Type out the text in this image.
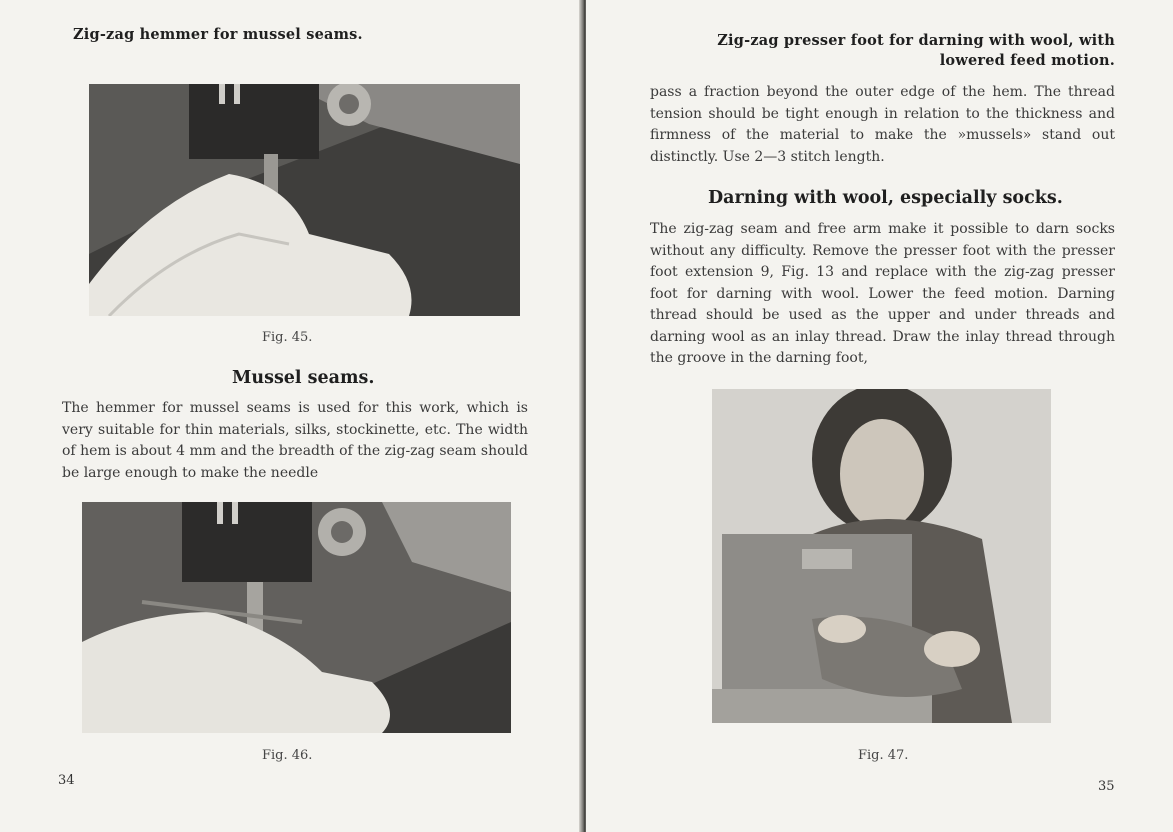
Zig-zag hemmer for mussel seams.
Fig. 45.
Mussel seams.
The hemmer for mussel seams is used for this work, which is very suitable for thin materials, silks, stockinette, etc. The width of hem is about 4 mm and the breadth of the zig-zag seam should be large enough to make the needle
Fig. 46.
34
Zig-zag presser foot for darning with wool, with lowered feed motion.
pass a fraction beyond the outer edge of the hem. The thread tension should be tight enough in relation to the thickness and firmness of the material to make the »mussels» stand out distinctly. Use 2—3 stitch length.
Darning with wool, especially socks.
The zig-zag seam and free arm make it possible to darn socks without any difficulty. Remove the presser foot with the presser foot extension 9, Fig. 13 and replace with the zig-zag presser foot for darning with wool. Lower the feed motion. Darning thread should be used as the upper and under threads and darning wool as an inlay thread. Draw the inlay thread through the groove in the darning foot,
Fig. 47.
35
